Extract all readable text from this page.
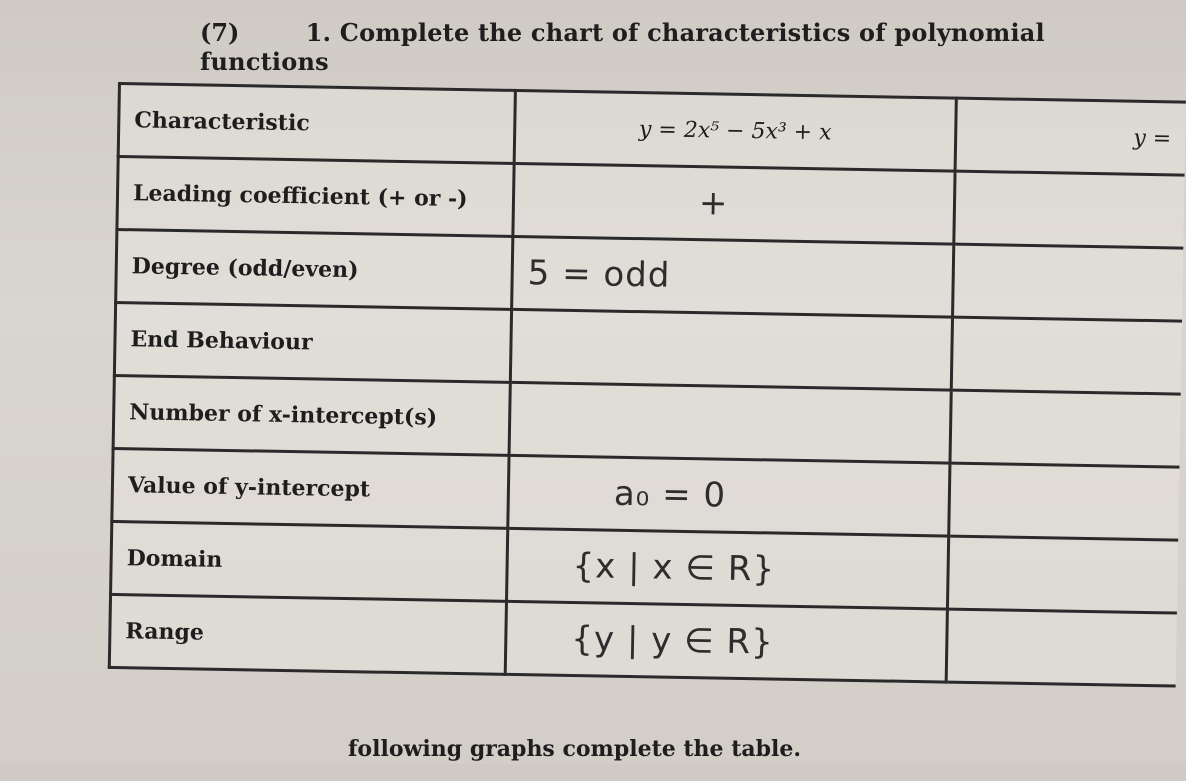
(7)	1. Complete the chart of characteristics of polynomial functions
Characteristic	y = 2x⁵ − 5x³ + x	y =
Leading coefficient (+ or -)	+	
Degree (odd/even)	5 = odd	
End Behaviour		
Number of x-intercept(s)		
Value of y-intercept	a₀ = 0	
Domain	{x | x ∈ R}	
Range	{y | y ∈ R}	
following graphs complete the table.
